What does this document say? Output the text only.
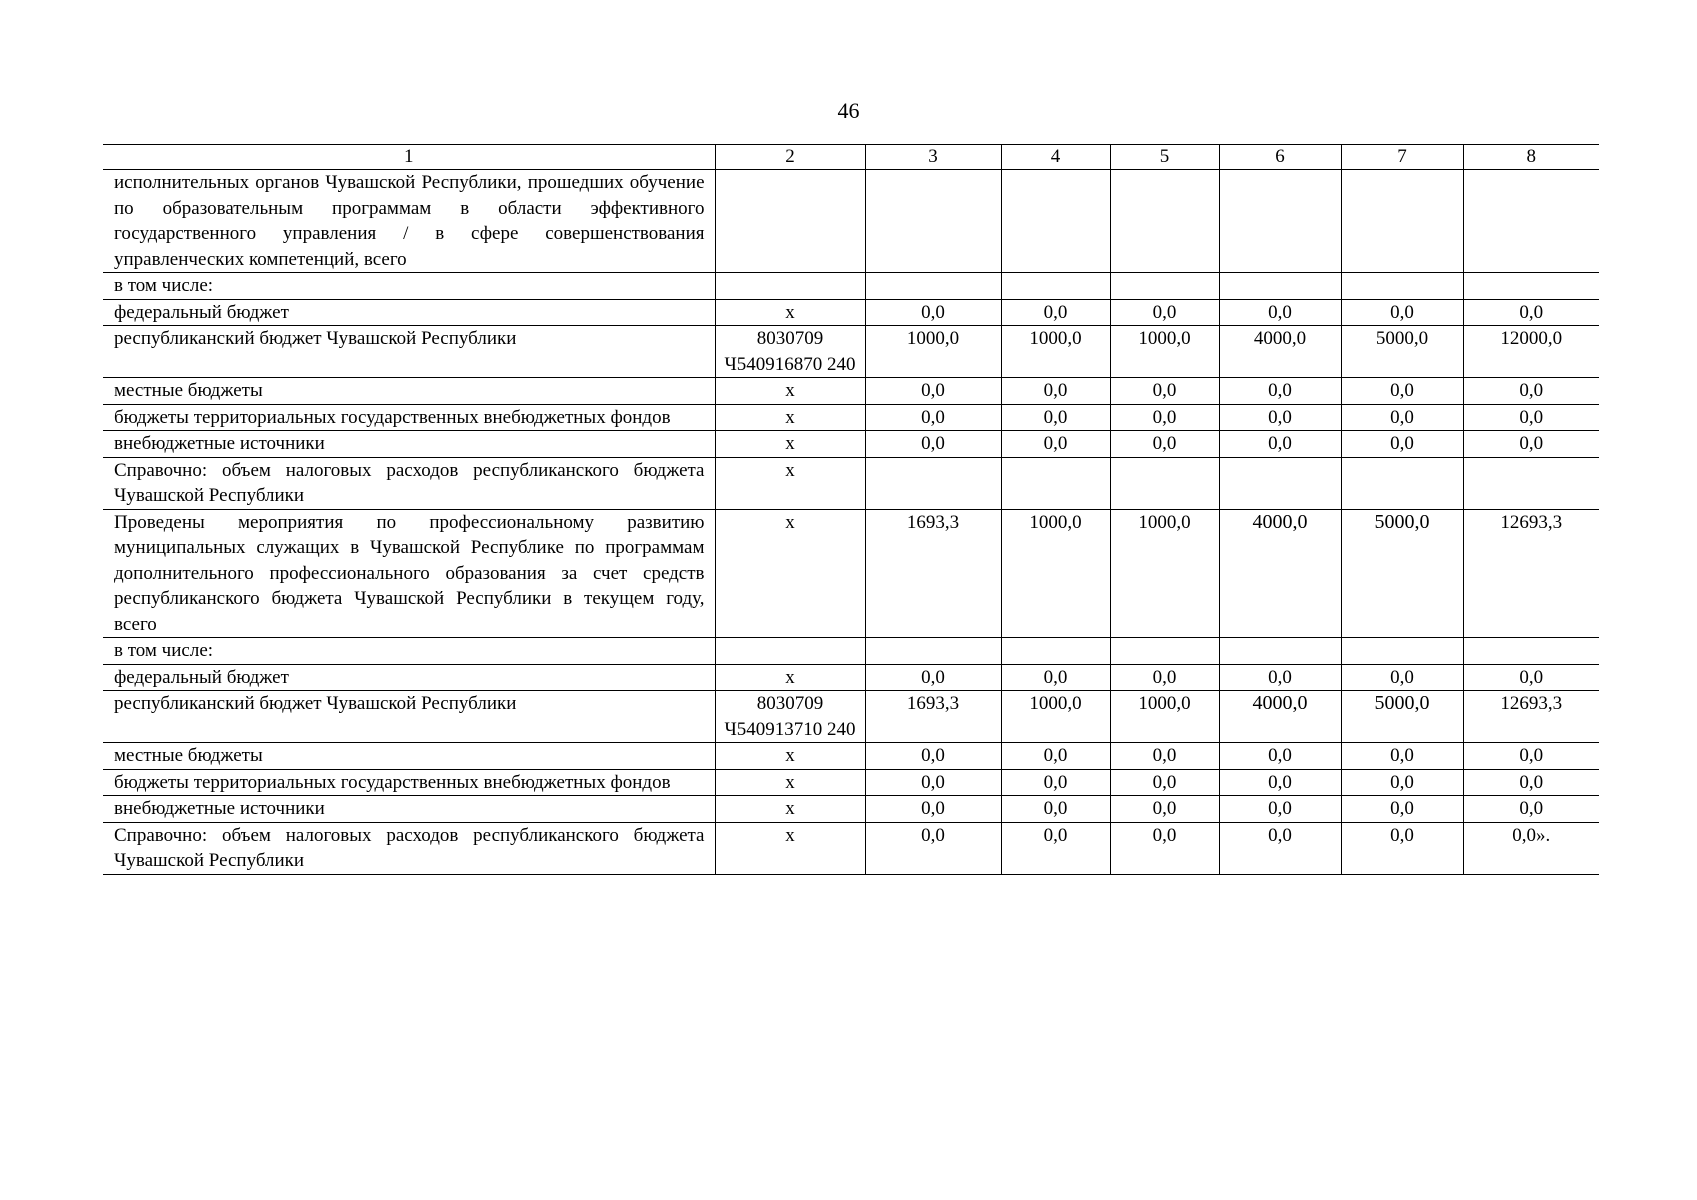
46
1	2	3	4	5	6	7	8
исполнительных органов Чувашской Республики, прошедших обучение по образовательным программам в области эффективного государственного управления / в сфере совершенствования управленческих компетенций, всего							
в том числе:							
федеральный бюджет	х	0,0	0,0	0,0	0,0	0,0	0,0
республиканский бюджет Чувашской Республики	8030709 Ч540916870 240	1000,0	1000,0	1000,0	4000,0	5000,0	12000,0
местные бюджеты	х	0,0	0,0	0,0	0,0	0,0	0,0
бюджеты территориальных государственных внебюджетных фондов	х	0,0	0,0	0,0	0,0	0,0	0,0
внебюджетные источники	х	0,0	0,0	0,0	0,0	0,0	0,0
Справочно: объем налоговых расходов республиканского бюджета Чувашской Республики	х						
Проведены мероприятия по профессиональному развитию муниципальных служащих в Чувашской Республике по программам дополнительного профессионального образования за счет средств республиканского бюджета Чувашской Республики в текущем году, всего	х	1693,3	1000,0	1000,0	4000,0	5000,0	12693,3
в том числе:							
федеральный бюджет	х	0,0	0,0	0,0	0,0	0,0	0,0
республиканский бюджет Чувашской Республики	8030709 Ч540913710 240	1693,3	1000,0	1000,0	4000,0	5000,0	12693,3
местные бюджеты	х	0,0	0,0	0,0	0,0	0,0	0,0
бюджеты территориальных государственных внебюджетных фондов	х	0,0	0,0	0,0	0,0	0,0	0,0
внебюджетные источники	х	0,0	0,0	0,0	0,0	0,0	0,0
Справочно: объем налоговых расходов республиканского бюджета Чувашской Республики	х	0,0	0,0	0,0	0,0	0,0	0,0».
